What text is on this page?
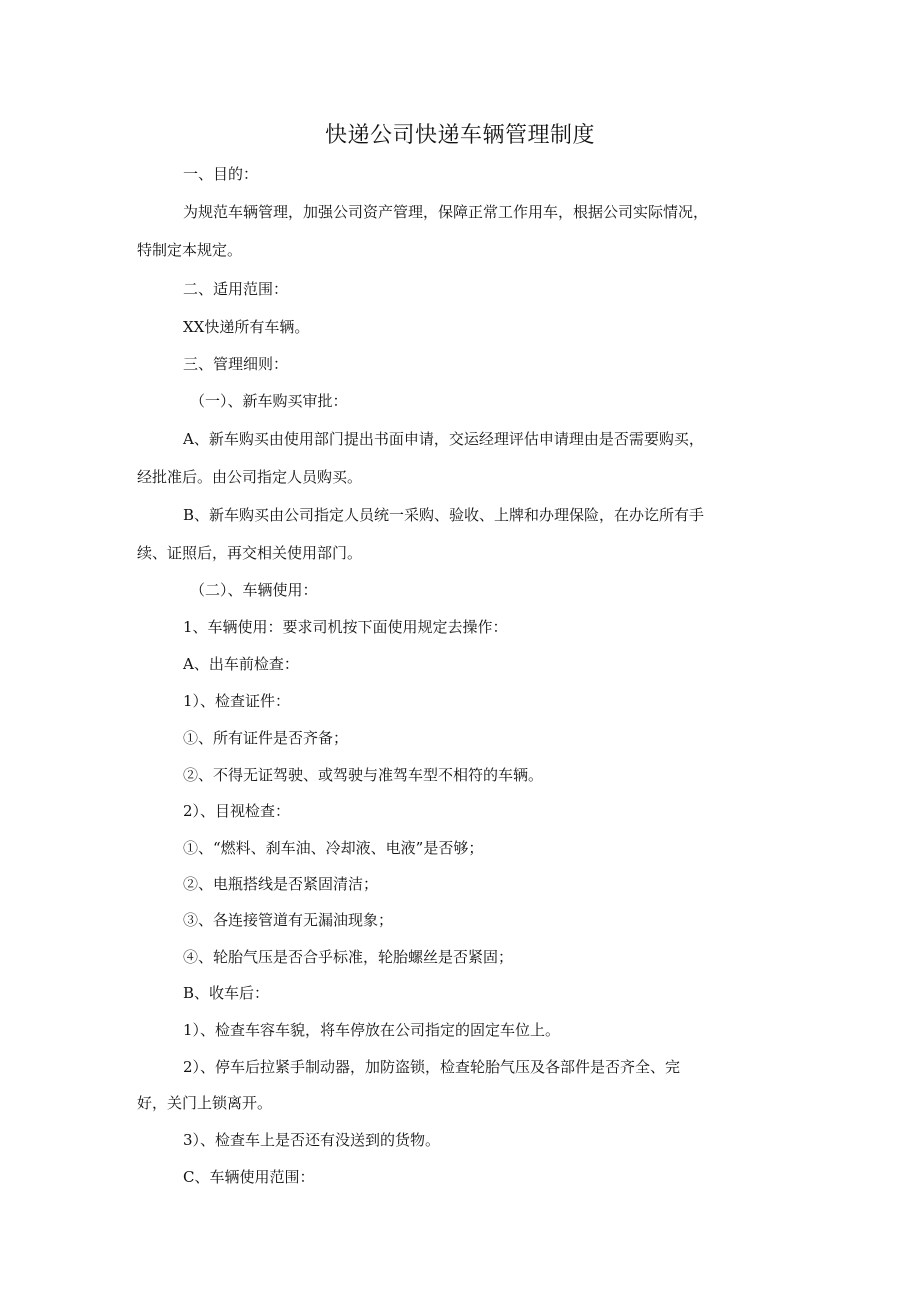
快递公司快递车辆管理制度
一、目的：
为规范车辆管理，加强公司资产管理，保障正常工作用车，根据公司实际情况，
特制定本规定。
二、适用范围：
XX快递所有车辆。
三、管理细则：
（一）、新车购买审批：
A、新车购买由使用部门提出书面申请，交运经理评估申请理由是否需要购买，
经批准后。由公司指定人员购买。
B、新车购买由公司指定人员统一采购、验收、上牌和办理保险，在办讫所有手
续、证照后，再交相关使用部门。
（二）、车辆使用：
1、车辆使用：要求司机按下面使用规定去操作：
A、出车前检查：
1）、检查证件：
①、所有证件是否齐备；
②、不得无证驾驶、或驾驶与准驾车型不相符的车辆。
2）、目视检查：
①、“燃料、刹车油、冷却液、电液”是否够；
②、电瓶搭线是否紧固清洁；
③、各连接管道有无漏油现象；
④、轮胎气压是否合乎标准，轮胎螺丝是否紧固；
B、收车后：
1）、检查车容车貌，将车停放在公司指定的固定车位上。
2）、停车后拉紧手制动器，加防盗锁，检查轮胎气压及各部件是否齐全、完
好，关门上锁离开。
3）、检查车上是否还有没送到的货物。
C、车辆使用范围：
